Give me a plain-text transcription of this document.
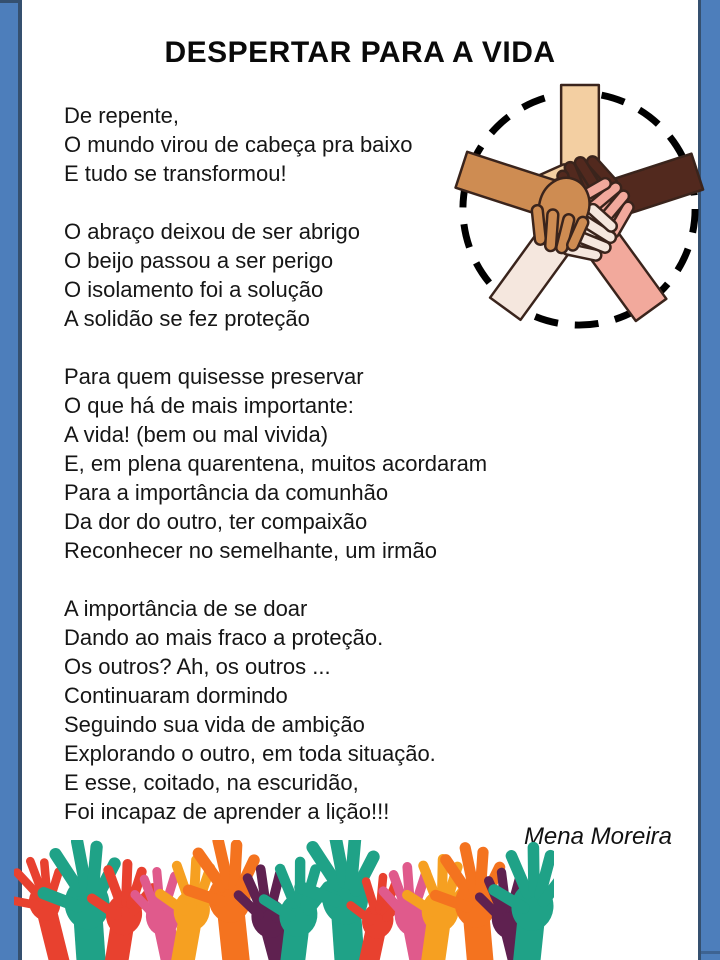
DESPERTAR PARA A VIDA
De repente,
O mundo virou de cabeça pra baixo
E tudo se transformou!
O abraço deixou de ser abrigo
O beijo passou a ser perigo
O isolamento foi a solução
A solidão se fez proteção
Para quem quisesse preservar
O que há de mais importante:
A vida! (bem ou mal vivida)
E, em plena quarentena, muitos acordaram
Para a importância da comunhão
Da dor do outro, ter compaixão
Reconhecer no semelhante, um irmão
A importância de se doar
Dando ao mais fraco a proteção.
Os outros? Ah, os outros ...
Continuaram dormindo
Seguindo sua vida de ambição
Explorando o outro, em toda situação.
E esse, coitado, na escuridão,
Foi incapaz de aprender a lição!!!
Mena Moreira
